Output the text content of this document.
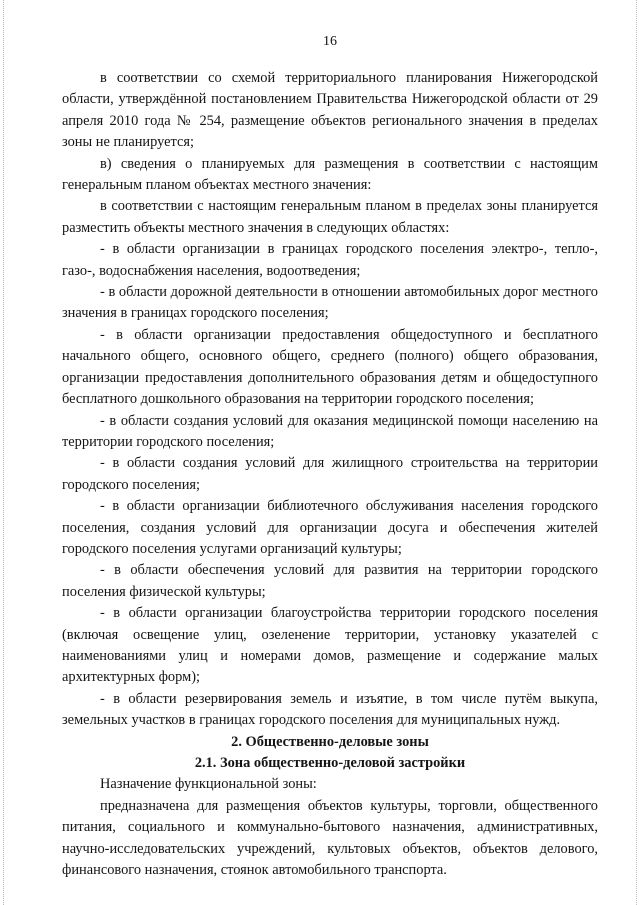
16

в соответствии со схемой территориального планирования Нижегородской области, утверждённой постановлением Правительства Нижегородской области от 29 апреля 2010 года № 254, размещение объектов регионального значения в пределах зоны не планируется;

в) сведения о планируемых для размещения в соответствии с настоящим генеральным планом объектах местного значения:

в соответствии с настоящим генеральным планом в пределах зоны планируется разместить объекты местного значения в следующих областях:

- в области организации в границах городского поселения электро-, тепло-, газо-, водоснабжения населения, водоотведения;

- в области дорожной деятельности в отношении автомобильных дорог местного значения в границах городского поселения;

- в области организации предоставления общедоступного и бесплатного начального общего, основного общего, среднего (полного) общего образования, организации предоставления дополнительного образования детям и общедоступного бесплатного дошкольного образования на территории городского поселения;

- в области создания условий для оказания медицинской помощи населению на территории городского поселения;

- в области создания условий для жилищного строительства на территории городского поселения;

- в области организации библиотечного обслуживания населения городского поселения, создания условий для организации досуга и обеспечения жителей городского поселения услугами организаций культуры;

- в области обеспечения условий для развития на территории городского поселения физической культуры;

- в области организации благоустройства территории городского поселения (включая освещение улиц, озеленение территории, установку указателей с наименованиями улиц и номерами домов, размещение и содержание малых архитектурных форм);

- в области резервирования земель и изъятие, в том числе путём выкупа, земельных участков в границах городского поселения для муниципальных нужд.

2. Общественно-деловые зоны

2.1. Зона общественно-деловой застройки

Назначение функциональной зоны:

предназначена для размещения объектов культуры, торговли, общественного питания, социального и коммунально-бытового назначения, административных, научно-исследовательских учреждений, культовых объектов, объектов делового, финансового назначения, стоянок автомобильного транспорта.
